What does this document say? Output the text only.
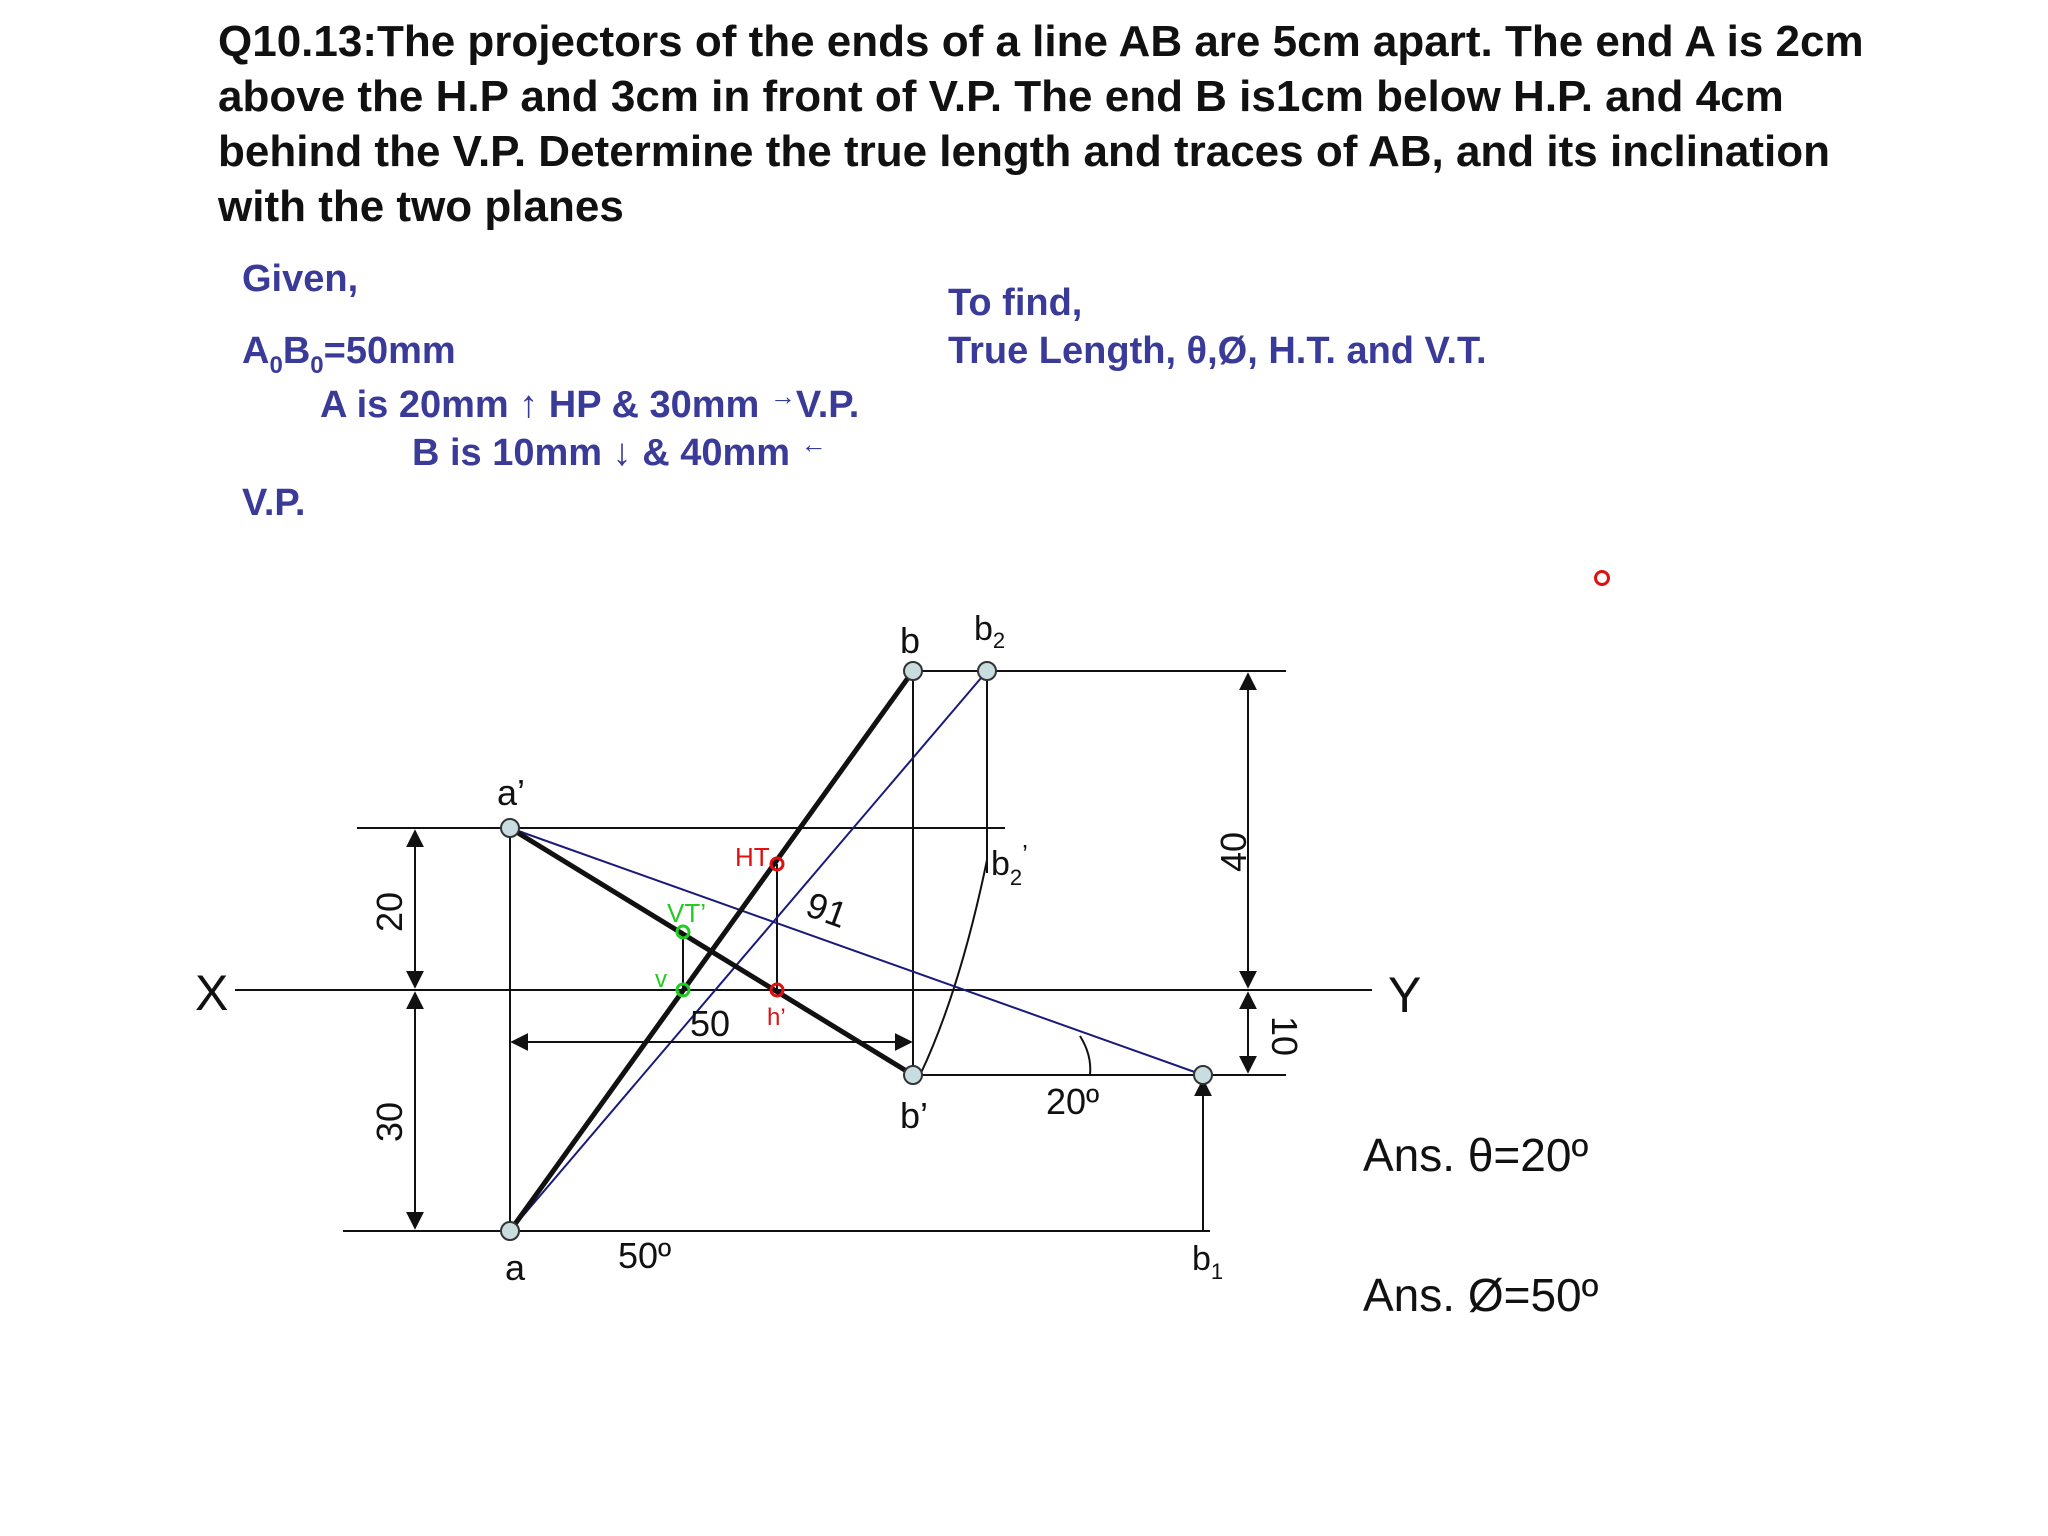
Q10.13:The projectors of the ends of a line AB are 5cm apart. The end A is 2cm above the H.P and 3cm in front of V.P. The end B is1cm below H.P. and 4cm behind the V.P. Determine the true length and traces of AB, and its inclination with the two planes
Given,
$A_0B_0=50mm$
A is 20mm ↑ HP & 30mm →V.P.
B is 10mm ↓ & 40mm ←
V.P.
To find,
True Length, θ,Ø, H.T. and V.T.
X	Y
a’
a
b
b’
$b_2$
$b_2^’$
$b_1$
HT
h’
VT’
v
91
50
20
30
40
10
50º
20º
Ans. θ=20º
Ans. Ø=50º
